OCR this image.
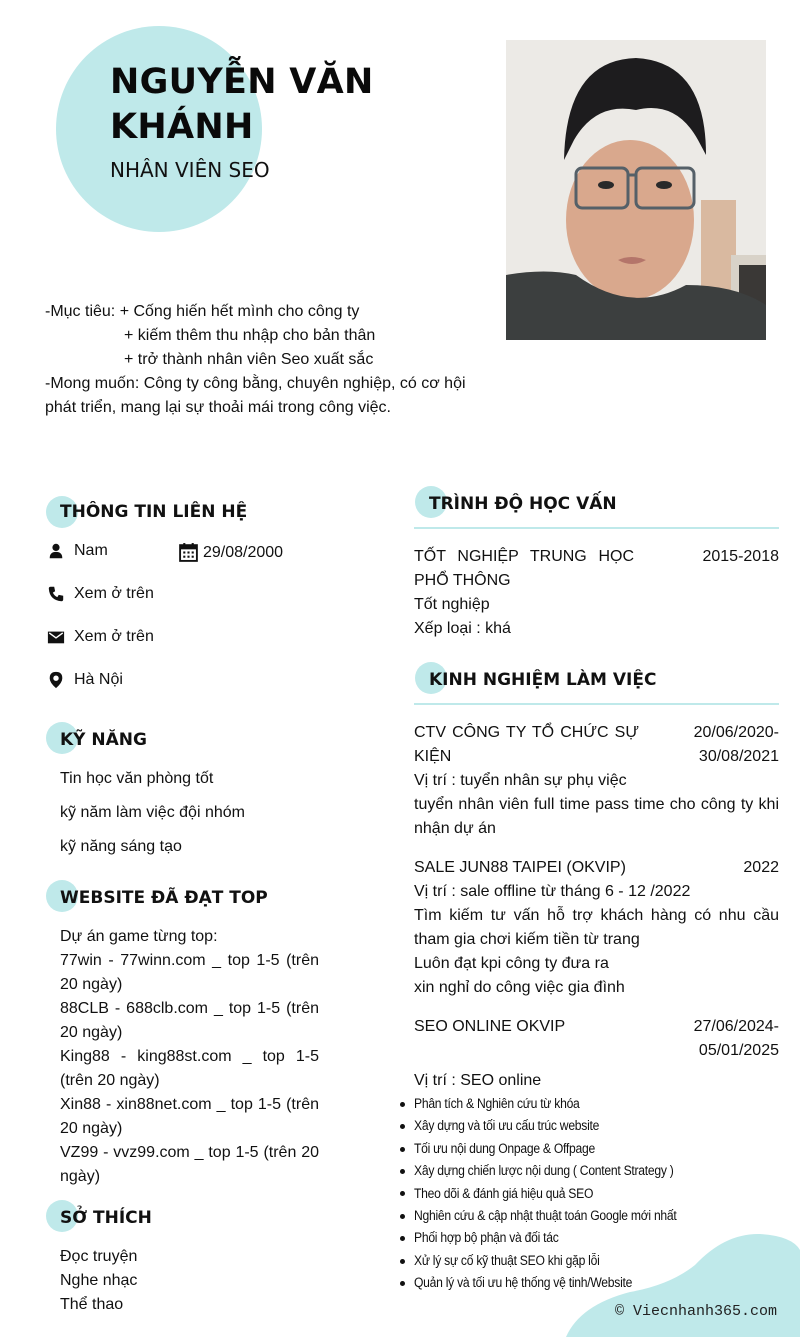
NGUYỄN VĂN
KHÁNH
NHÂN VIÊN SEO
-Mục tiêu: + Cống hiến hết mình cho công ty
+ kiếm thêm thu nhập cho bản thân
+ trở thành nhân viên Seo xuất sắc
-Mong muốn: Công ty công bằng, chuyên nghiệp, có cơ hội phát triển, mang lại sự thoải mái trong công việc.
THÔNG TIN LIÊN HỆ
Nam	29/08/2000
Xem ở trên
Xem ở trên
Hà Nội
KỸ NĂNG
Tin học văn phòng tốt
kỹ năm làm việc đội nhóm
kỹ năng sáng tạo
WEBSITE ĐÃ ĐẠT TOP
Dự án game từng top:
77win - 77winn.com _ top 1-5 (trên 20 ngày)
88CLB - 688clb.com _ top 1-5 (trên 20 ngày)
King88 - king88st.com _ top 1-5 (trên 20 ngày)
Xin88 - xin88net.com _ top 1-5 (trên 20 ngày)
VZ99 - vvz99.com _ top 1-5 (trên 20 ngày)
SỞ THÍCH
Đọc truyện
Nghe nhạc
Thể thao
TRÌNH ĐỘ HỌC VẤN
TỐT NGHIỆP TRUNG HỌC PHỔ THÔNG
2015-2018
Tốt nghiệp
Xếp loại : khá
KINH NGHIỆM LÀM VIỆC
CTV CÔNG TY TỔ CHỨC SỰ KIỆN
20/06/2020- 30/08/2021
Vị trí : tuyển nhân sự phụ việc
tuyển nhân viên full time pass time cho công ty khi nhận dự án
SALE JUN88 TAIPEI (OKVIP)	2022
Vị trí : sale offline từ tháng 6 - 12 /2022
Tìm kiếm tư vấn hỗ trợ khách hàng có nhu cầu tham gia chơi kiếm tiền từ trang
Luôn đạt kpi công ty đưa ra
xin nghỉ do công việc gia đình
SEO ONLINE OKVIP	27/06/2024- 05/01/2025
Vị trí : SEO online
Phân tích & Nghiên cứu từ khóa
Xây dựng và tối ưu cấu trúc website
Tối ưu nội dung Onpage & Offpage
Xây dựng chiến lược nội dung ( Content Strategy )
Theo dõi & đánh giá hiệu quả SEO
Nghiên cứu & cập nhật thuật toán Google mới nhất
Phối hợp bộ phận và đối tác
Xử lý sự cố kỹ thuật SEO khi gặp lỗi
Quản lý và tối ưu hệ thống vệ tinh/Website
© Viecnhanh365.com
